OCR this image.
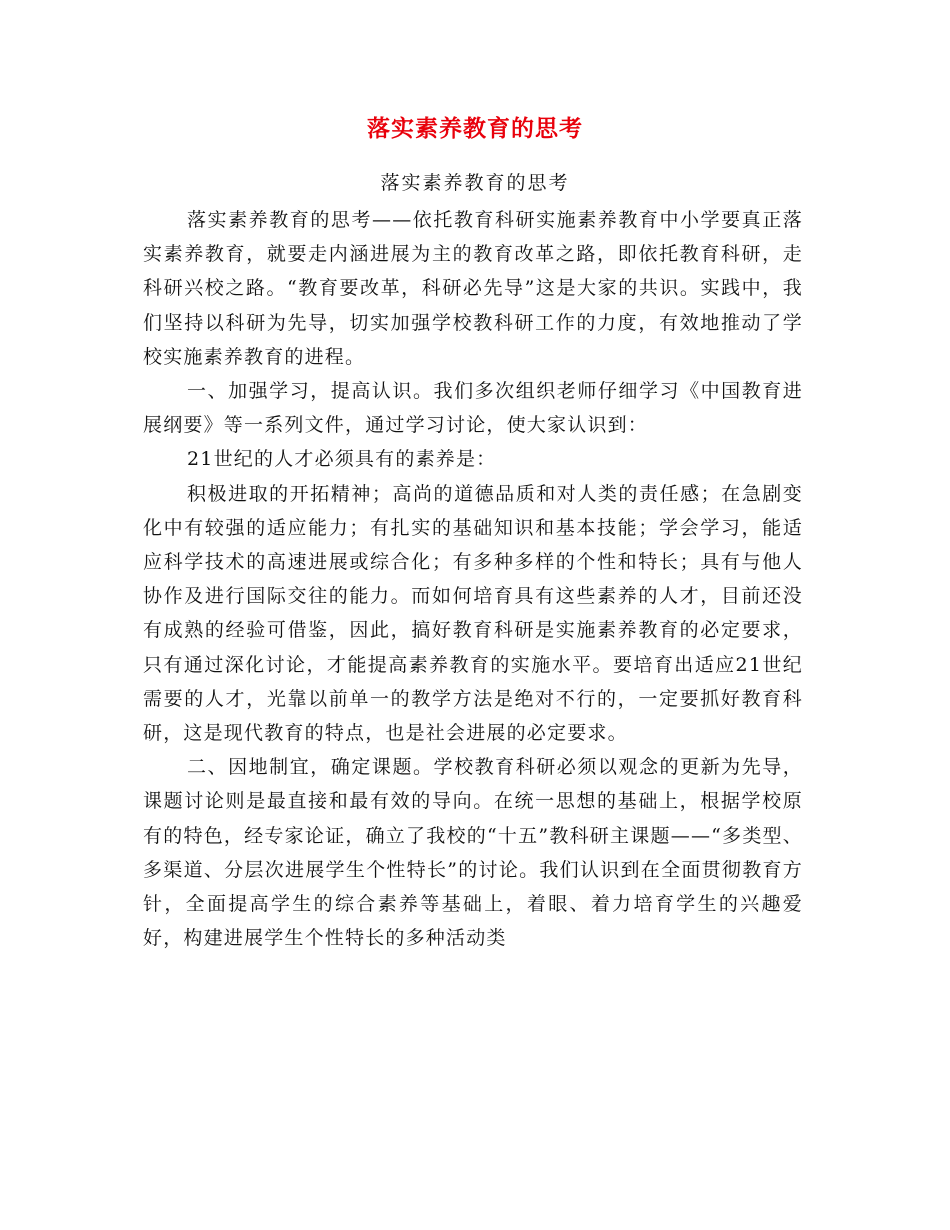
落实素养教育的思考
落实素养教育的思考

落实素养教育的思考——依托教育科研实施素养教育中小学要真正落实素养教育，就要走内涵进展为主的教育改革之路，即依托教育科研，走科研兴校之路。“教育要改革，科研必先导”这是大家的共识。实践中，我们坚持以科研为先导，切实加强学校教科研工作的力度，有效地推动了学校实施素养教育的进程。

一、加强学习，提高认识。我们多次组织老师仔细学习《中国教育进展纲要》等一系列文件，通过学习讨论，使大家认识到：

21世纪的人才必须具有的素养是：

积极进取的开拓精神；高尚的道德品质和对人类的责任感；在急剧变化中有较强的适应能力；有扎实的基础知识和基本技能；学会学习，能适应科学技术的高速进展或综合化；有多种多样的个性和特长；具有与他人协作及进行国际交往的能力。而如何培育具有这些素养的人才，目前还没有成熟的经验可借鉴，因此，搞好教育科研是实施素养教育的必定要求，只有通过深化讨论，才能提高素养教育的实施水平。要培育出适应21世纪需要的人才，光靠以前单一的教学方法是绝对不行的，一定要抓好教育科研，这是现代教育的特点，也是社会进展的必定要求。

二、因地制宜，确定课题。学校教育科研必须以观念的更新为先导，课题讨论则是最直接和最有效的导向。在统一思想的基础上，根据学校原有的特色，经专家论证，确立了我校的“十五”教科研主课题——“多类型、多渠道、分层次进展学生个性特长”的讨论。我们认识到在全面贯彻教育方针，全面提高学生的综合素养等基础上，着眼、着力培育学生的兴趣爱好，构建进展学生个性特长的多种活动类
